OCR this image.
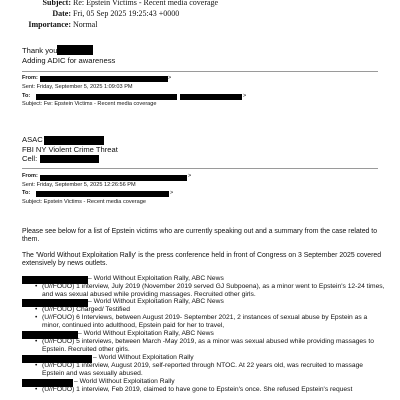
Subject: Re: Epstein Victims - Recent media coverage
Date: Fri, 05 Sep 2025 19:25:43 +0000
Importance: Normal
Thank you
Adding ADIC for awareness
From:	>
Sent: Friday, September 5, 2025 1:09:03 PM
To:	>
Subject: Fw: Epstein Victims - Recent media coverage
ASAC
FBI NY Violent Crime Threat
Cell:
From:	>
Sent: Friday, September 5, 2025 12:26:56 PM
To:	>
Subject: Epstein Victims - Recent media coverage
Please see below for a list of Epstein victims who are currently speaking out and a summary from the case related to them.
The 'World Without Exploitation Rally' is the press conference held in front of Congress on 3 September 2025 covered extensively by news outlets.
– World Without Exploitation Rally, ABC News
• (U//FOUO) 1 interview, July 2019 (November 2019 served GJ Subpoena), as a minor went to Epstein's 12-24 times, and was sexual abused while providing massages. Recruited other girls.
– World Without Exploitation Rally, ABC News
• (U//FOUO) Charged/ Testified
• (U//FOUO) 6 Interviews, between August 2019- September 2021, 2 instances of sexual abuse by Epstein as a minor, continued into adulthood, Epstein paid for her to travel,
– World Without Exploitation Rally, ABC News
• (U//FOUO) 5 interviews, between March -May 2019, as a minor was sexual abused while providing massages to Epstein. Recruited other girls.
– World Without Exploitation Rally
• (U//FOUO) 1 interview, August 2019, self-reported through NTOC. At 22 years old, was recruited to massage Epstein and was sexually abused.
– World Without Exploitation Rally
• (U//FOUO) 1 interview, Feb 2019, claimed to have gone to Epstein's once. She refused Epstein's request
